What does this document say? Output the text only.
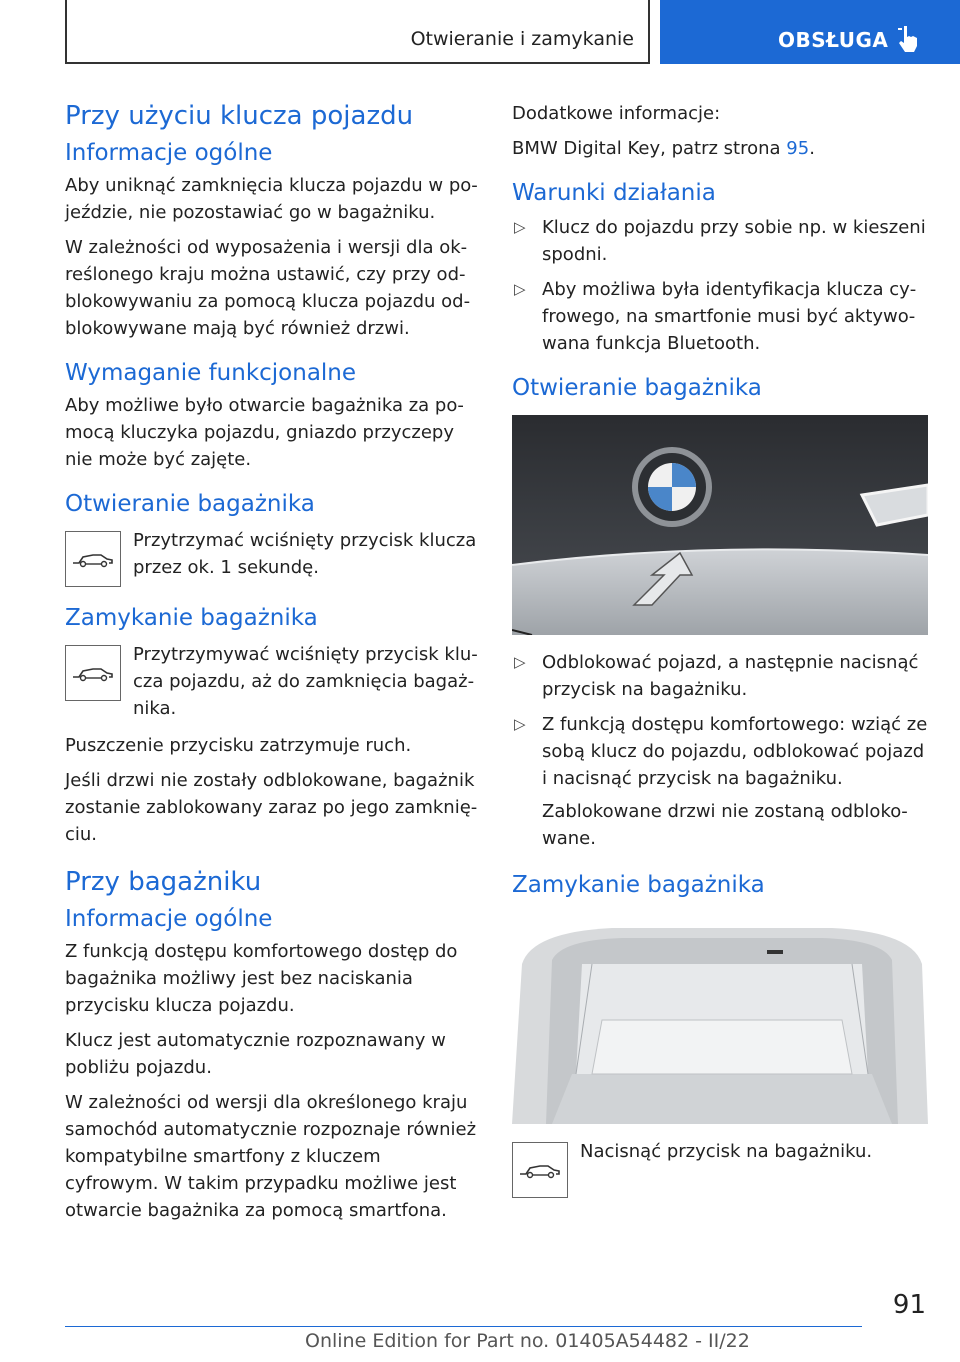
Otwieranie i zamykanie	OBSŁUGA
Przy użyciu klucza pojazdu
Informacje ogólne

Aby uniknąć zamknięcia klucza pojazdu w pojeździe, nie pozostawiać go w bagażniku.

W zależności od wyposażenia i wersji dla określonego kraju można ustawić, czy przy odblokowywaniu za pomocą klucza pojazdu odblokowywane mają być również drzwi.

Wymaganie funkcjonalne

Aby możliwe było otwarcie bagażnika za pomocą kluczyka pojazdu, gniazdo przyczepy nie może być zajęte.

Otwieranie bagażnika

Przytrzymać wciśnięty przycisk klucza przez ok. 1 sekundę.

Zamykanie bagażnika

Przytrzymywać wciśnięty przycisk klucza pojazdu, aż do zamknięcia bagażnika.

Puszczenie przycisku zatrzymuje ruch.

Jeśli drzwi nie zostały odblokowane, bagażnik zostanie zablokowany zaraz po jego zamknięciu.

Przy bagażniku
Informacje ogólne

Z funkcją dostępu komfortowego dostęp do bagażnika możliwy jest bez naciskania przycisku klucza pojazdu.

Klucz jest automatycznie rozpoznawany w pobliżu pojazdu.

W zależności od wersji dla określonego kraju samochód automatycznie rozpoznaje również kompatybilne smartfony z kluczem cyfrowym. W takim przypadku możliwe jest otwarcie bagażnika za pomocą smartfona.

Dodatkowe informacje:

BMW Digital Key, patrz strona 95.

Warunki działania
▷ Klucz do pojazdu przy sobie np. w kieszeni spodni.
▷ Aby możliwa była identyfikacja klucza cyfrowego, na smartfonie musi być aktywowana funkcja Bluetooth.
Otwieranie bagażnika
▷ Odblokować pojazd, a następnie nacisnąć przycisk na bagażniku.
▷ Z funkcją dostępu komfortowego: wziąć ze sobą klucz do pojazdu, odblokować pojazd i nacisnąć przycisk na bagażniku.

Zablokowane drzwi nie zostaną odblokowane.

Zamykanie bagażnika

Nacisnąć przycisk na bagażniku.

91
Online Edition for Part no. 01405A54482 - II/22
